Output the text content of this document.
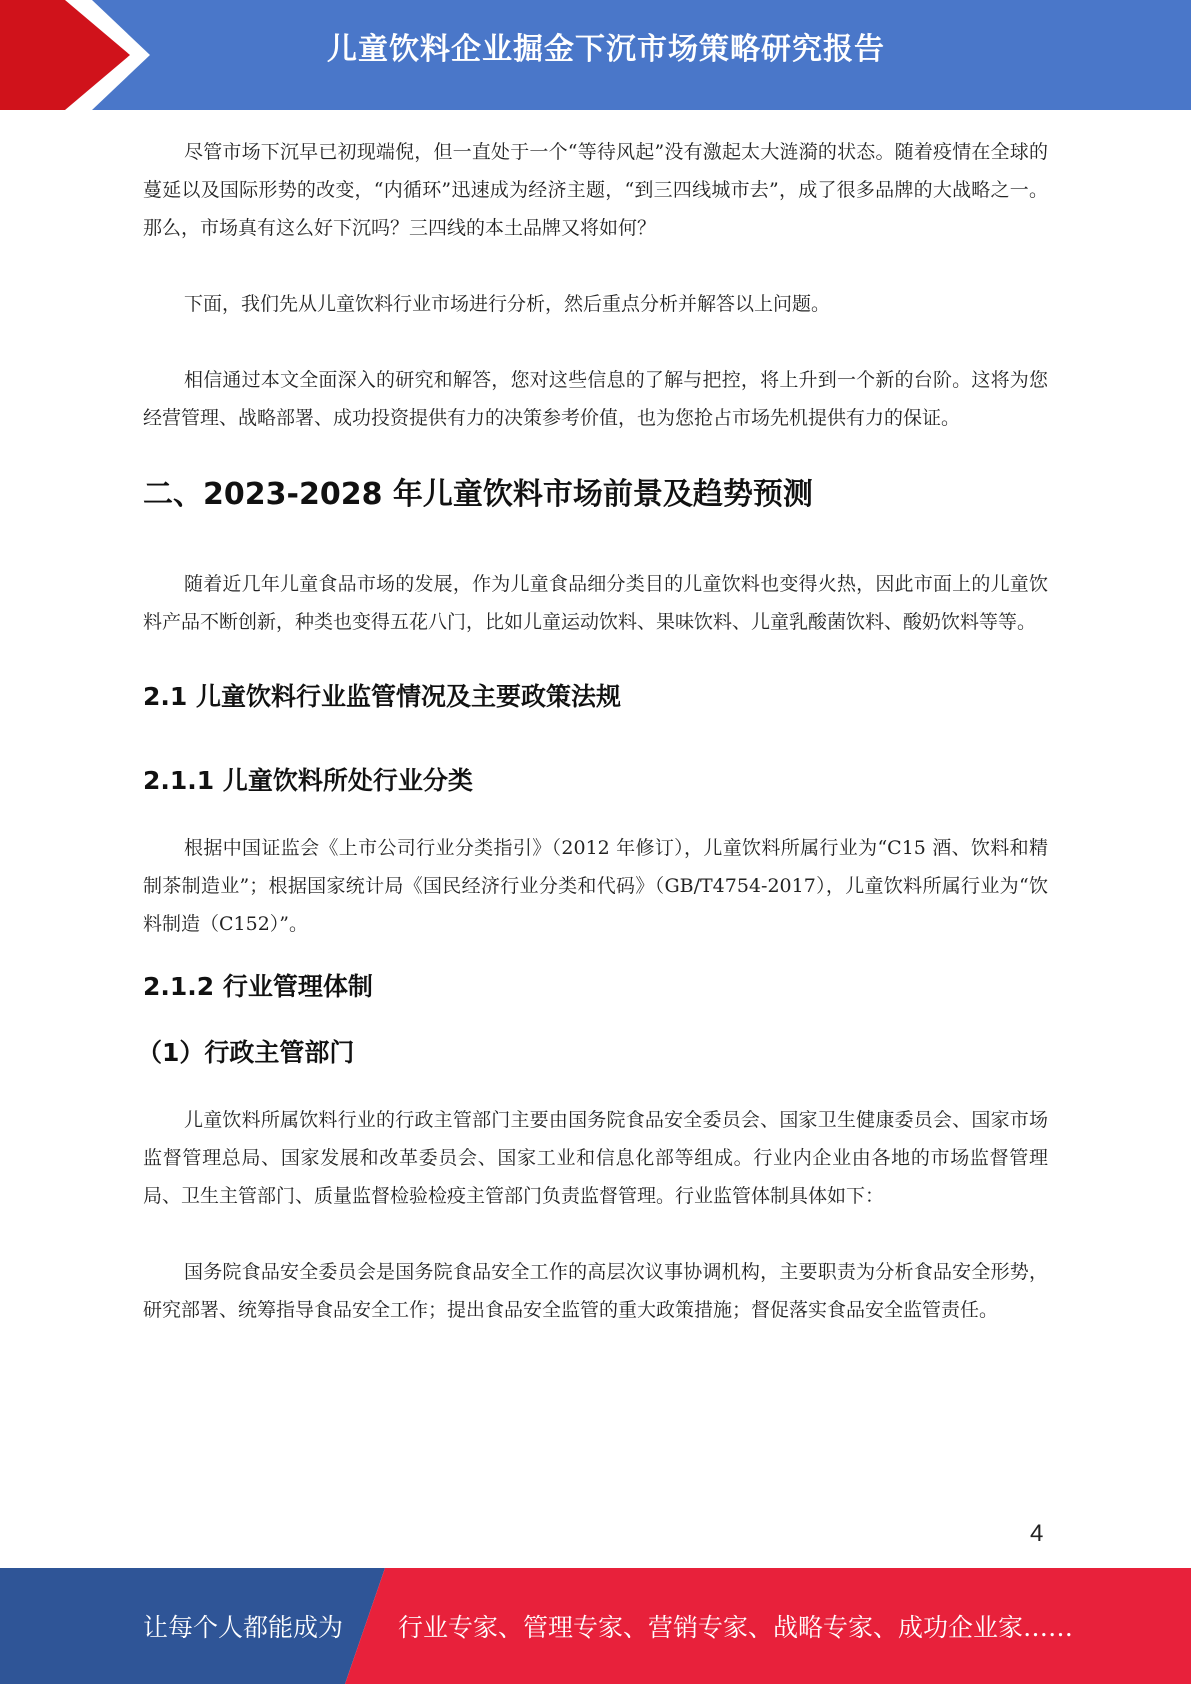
儿童饮料企业掘金下沉市场策略研究报告

尽管市场下沉早已初现端倪，但一直处于一个“等待风起”没有激起太大涟漪的状态。随着疫情在全球的蔓延以及国际形势的改变，“内循环”迅速成为经济主题，“到三四线城市去”，成了很多品牌的大战略之一。那么，市场真有这么好下沉吗？三四线的本土品牌又将如何？

下面，我们先从儿童饮料行业市场进行分析，然后重点分析并解答以上问题。

相信通过本文全面深入的研究和解答，您对这些信息的了解与把控，将上升到一个新的台阶。这将为您经营管理、战略部署、成功投资提供有力的决策参考价值，也为您抢占市场先机提供有力的保证。

二、2023-2028 年儿童饮料市场前景及趋势预测

随着近几年儿童食品市场的发展，作为儿童食品细分类目的儿童饮料也变得火热，因此市面上的儿童饮料产品不断创新，种类也变得五花八门，比如儿童运动饮料、果味饮料、儿童乳酸菌饮料、酸奶饮料等等。

2.1 儿童饮料行业监管情况及主要政策法规
2.1.1 儿童饮料所处行业分类

根据中国证监会《上市公司行业分类指引》（2012 年修订），儿童饮料所属行业为“C15 酒、饮料和精制茶制造业”；根据国家统计局《国民经济行业分类和代码》（GB/T4754-2017），儿童饮料所属行业为“饮料制造（C152）”。

2.1.2 行业管理体制
（1）行政主管部门

儿童饮料所属饮料行业的行政主管部门主要由国务院食品安全委员会、国家卫生健康委员会、国家市场监督管理总局、国家发展和改革委员会、国家工业和信息化部等组成。行业内企业由各地的市场监督管理局、卫生主管部门、质量监督检验检疫主管部门负责监督管理。行业监管体制具体如下：

国务院食品安全委员会是国务院食品安全工作的高层次议事协调机构，主要职责为分析食品安全形势，研究部署、统筹指导食品安全工作；提出食品安全监管的重大政策措施；督促落实食品安全监管责任。

4
让每个人都能成为 行业专家、管理专家、营销专家、战略专家、成功企业家……
